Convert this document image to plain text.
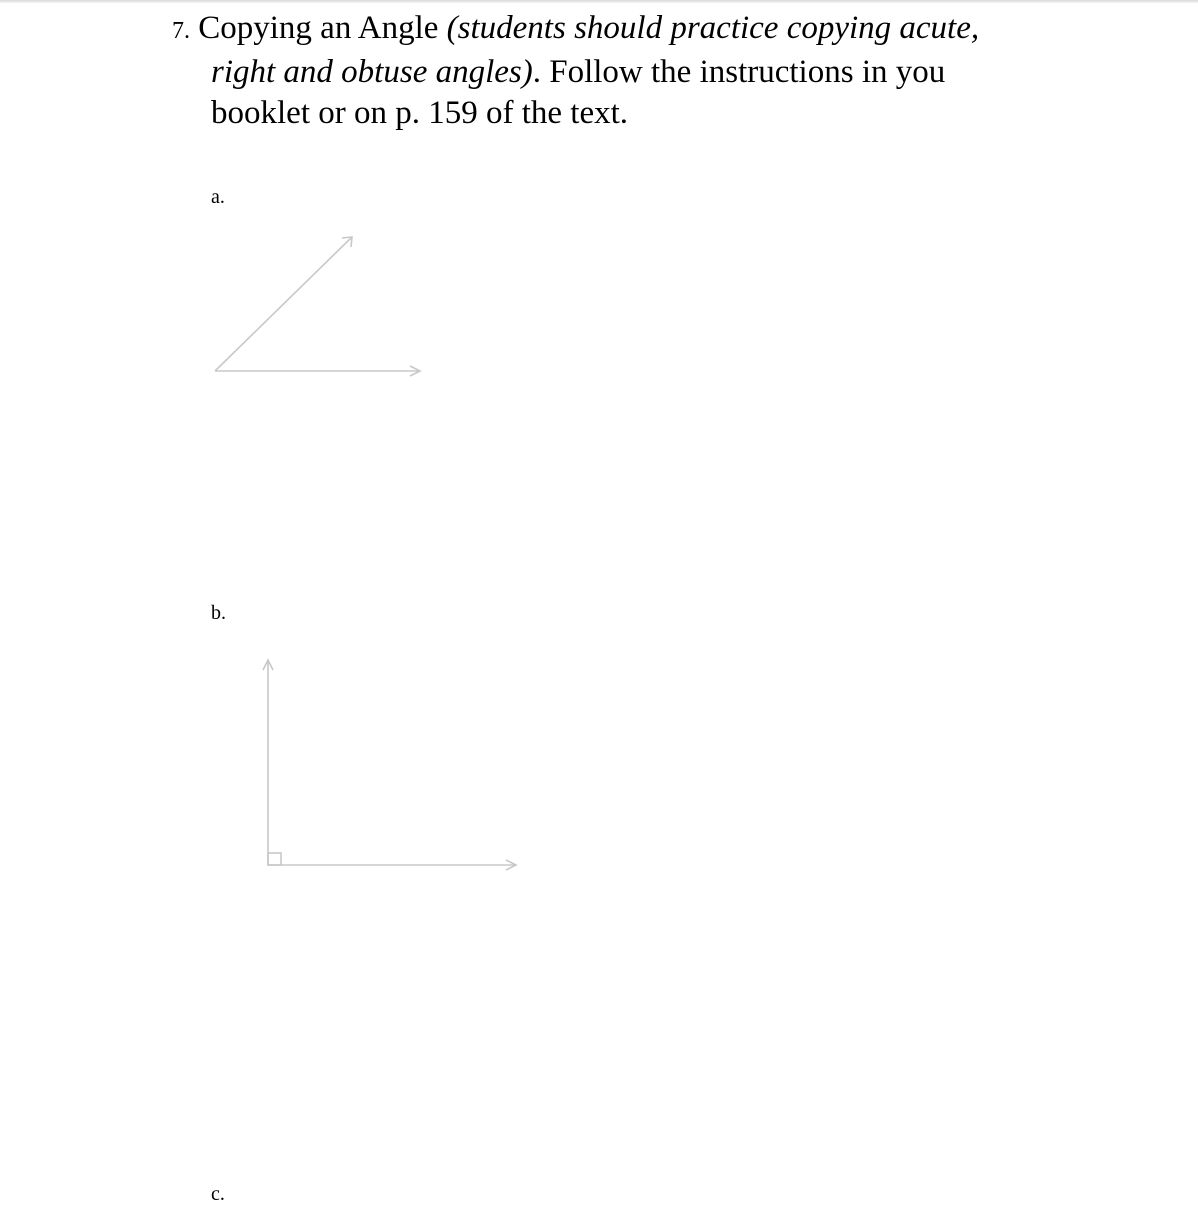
7. Copying an Angle (students should practice copying acute,
right and obtuse angles). Follow the instructions in you
booklet or on p. 159 of the text.
a.
b.
c.
